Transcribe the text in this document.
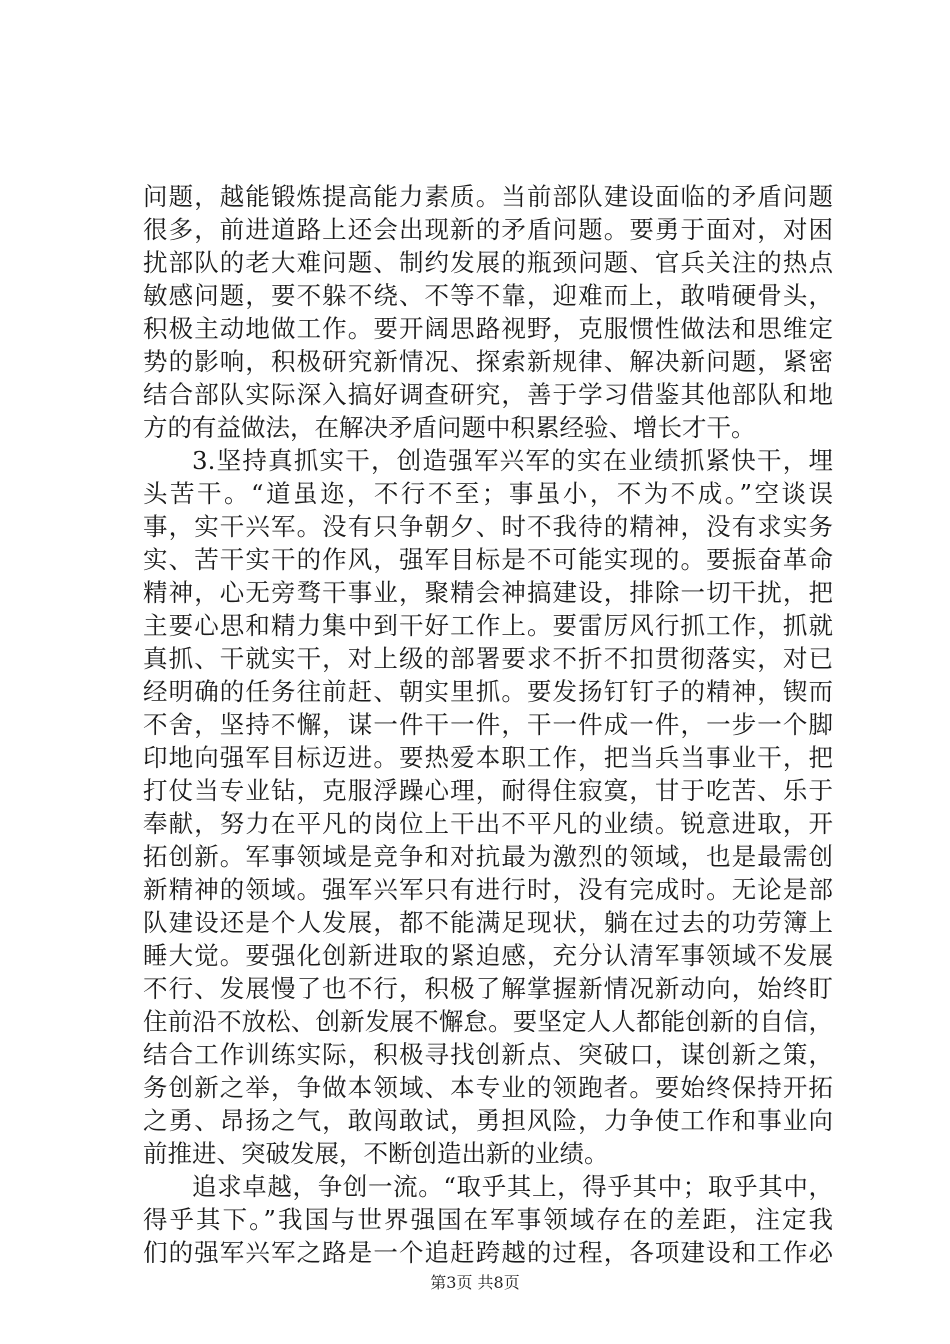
问题，越能锻炼提高能力素质。当前部队建设面临的矛盾问题
很多，前进道路上还会出现新的矛盾问题。要勇于面对，对困
扰部队的老大难问题、制约发展的瓶颈问题、官兵关注的热点
敏感问题，要不躲不绕、不等不靠，迎难而上，敢啃硬骨头，
积极主动地做工作。要开阔思路视野，克服惯性做法和思维定
势的影响，积极研究新情况、探索新规律、解决新问题，紧密
结合部队实际深入搞好调查研究，善于学习借鉴其他部队和地
方的有益做法，在解决矛盾问题中积累经验、增长才干。
3.坚持真抓实干，创造强军兴军的实在业绩抓紧快干，埋
头苦干。“道虽迩，不行不至；事虽小，不为不成。”空谈误
事，实干兴军。没有只争朝夕、时不我待的精神，没有求实务
实、苦干实干的作风，强军目标是不可能实现的。要振奋革命
精神，心无旁骛干事业，聚精会神搞建设，排除一切干扰，把
主要心思和精力集中到干好工作上。要雷厉风行抓工作，抓就
真抓、干就实干，对上级的部署要求不折不扣贯彻落实，对已
经明确的任务往前赶、朝实里抓。要发扬钉钉子的精神，锲而
不舍，坚持不懈，谋一件干一件，干一件成一件，一步一个脚
印地向强军目标迈进。要热爱本职工作，把当兵当事业干，把
打仗当专业钻，克服浮躁心理，耐得住寂寞，甘于吃苦、乐于
奉献，努力在平凡的岗位上干出不平凡的业绩。锐意进取，开
拓创新。军事领域是竞争和对抗最为激烈的领域，也是最需创
新精神的领域。强军兴军只有进行时，没有完成时。无论是部
队建设还是个人发展，都不能满足现状，躺在过去的功劳簿上
睡大觉。要强化创新进取的紧迫感，充分认清军事领域不发展
不行、发展慢了也不行，积极了解掌握新情况新动向，始终盯
住前沿不放松、创新发展不懈怠。要坚定人人都能创新的自信，
结合工作训练实际，积极寻找创新点、突破口，谋创新之策，
务创新之举，争做本领域、本专业的领跑者。要始终保持开拓
之勇、昂扬之气，敢闯敢试，勇担风险，力争使工作和事业向
前推进、突破发展，不断创造出新的业绩。
追求卓越，争创一流。“取乎其上，得乎其中；取乎其中，
得乎其下。”我国与世界强国在军事领域存在的差距，注定我
们的强军兴军之路是一个追赶跨越的过程，各项建设和工作必
第3页 共8页
